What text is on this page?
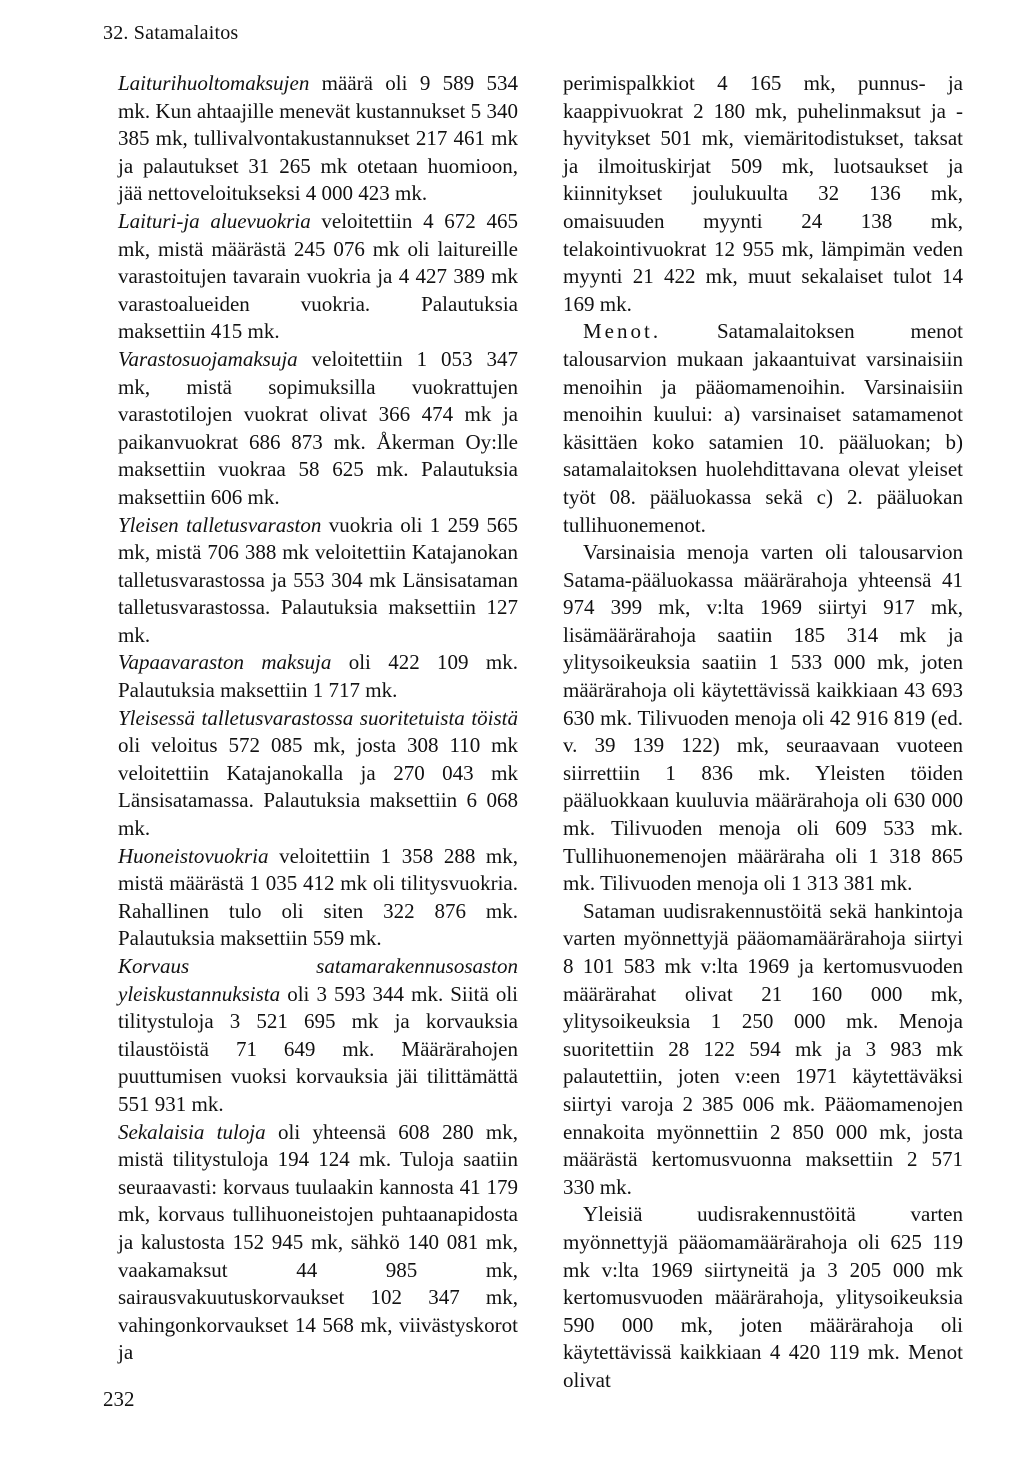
32. Satamalaitos

Laiturihuoltomaksujen määrä oli 9 589 534 mk. Kun ahtaajille menevät kustannukset 5 340 385 mk, tullivalvontakustannukset 217 461 mk ja palautukset 31 265 mk otetaan huomioon, jää nettoveloitukseksi 4 000 423 mk.

Laituri-ja aluevuokria veloitettiin 4 672 465 mk, mistä määrästä 245 076 mk oli laitureille varastoitujen tavarain vuokria ja 4 427 389 mk varastoalueiden vuokria. Palautuksia maksettiin 415 mk.

Varastosuojamaksuja veloitettiin 1 053 347 mk, mistä sopimuksilla vuokrattujen varastotilojen vuokrat olivat 366 474 mk ja paikanvuokrat 686 873 mk. Åkerman Oy:lle maksettiin vuokraa 58 625 mk. Palautuksia maksettiin 606 mk.

Yleisen talletusvaraston vuokria oli 1 259 565 mk, mistä 706 388 mk veloitettiin Katajanokan talletusvarastossa ja 553 304 mk Länsisataman talletusvarastossa. Palautuksia maksettiin 127 mk.

Vapaavaraston maksuja oli 422 109 mk. Palautuksia maksettiin 1 717 mk.

Yleisessä talletusvarastossa suoritetuista töistä oli veloitus 572 085 mk, josta 308 110 mk veloitettiin Katajanokalla ja 270 043 mk Länsisatamassa. Palautuksia maksettiin 6 068 mk.

Huoneistovuokria veloitettiin 1 358 288 mk, mistä määrästä 1 035 412 mk oli tilitysvuokria. Rahallinen tulo oli siten 322 876 mk. Palautuksia maksettiin 559 mk.

Korvaus satamarakennusosaston yleiskustannuksista oli 3 593 344 mk. Siitä oli tilitystuloja 3 521 695 mk ja korvauksia tilaustöistä 71 649 mk. Määrärahojen puuttumisen vuoksi korvauksia jäi tilittämättä 551 931 mk.

Sekalaisia tuloja oli yhteensä 608 280 mk, mistä tilitystuloja 194 124 mk. Tuloja saatiin seuraavasti: korvaus tuulaakin kannosta 41 179 mk, korvaus tullihuoneistojen puhtaanapidosta ja kalustosta 152 945 mk, sähkö 140 081 mk, vaakamaksut 44 985 mk, sairausvakuutuskorvaukset 102 347 mk, vahingonkorvaukset 14 568 mk, viivästyskorot ja

perimispalkkiot 4 165 mk, punnus- ja kaappivuokrat 2 180 mk, puhelinmaksut ja -hyvitykset 501 mk, viemäritodistukset, taksat ja ilmoituskirjat 509 mk, luotsaukset ja kiinnitykset joulukuulta 32 136 mk, omaisuuden myynti 24 138 mk, telakointivuokrat 12 955 mk, lämpimän veden myynti 21 422 mk, muut sekalaiset tulot 14 169 mk.

Menot. Satamalaitoksen menot talousarvion mukaan jakaantuivat varsinaisiin menoihin ja pääomamenoihin. Varsinaisiin menoihin kuului: a) varsinaiset satamamenot käsittäen koko satamien 10. pääluokan; b) satamalaitoksen huolehdittavana olevat yleiset työt 08. pääluokassa sekä c) 2. pääluokan tullihuonemenot.

Varsinaisia menoja varten oli talousarvion Satama-pääluokassa määrärahoja yhteensä 41 974 399 mk, v:lta 1969 siirtyi 917 mk, lisämäärärahoja saatiin 185 314 mk ja ylitysoikeuksia saatiin 1 533 000 mk, joten määrärahoja oli käytettävissä kaikkiaan 43 693 630 mk. Tilivuoden menoja oli 42 916 819 (ed. v. 39 139 122) mk, seuraavaan vuoteen siirrettiin 1 836 mk. Yleisten töiden pääluokkaan kuuluvia määrärahoja oli 630 000 mk. Tilivuoden menoja oli 609 533 mk. Tullihuonemenojen määräraha oli 1 318 865 mk. Tilivuoden menoja oli 1 313 381 mk.

Sataman uudisrakennustöitä sekä hankintoja varten myönnettyjä pääomamäärärahoja siirtyi 8 101 583 mk v:lta 1969 ja kertomusvuoden määrärahat olivat 21 160 000 mk, ylitysoikeuksia 1 250 000 mk. Menoja suoritettiin 28 122 594 mk ja 3 983 mk palautettiin, joten v:een 1971 käytettäväksi siirtyi varoja 2 385 006 mk. Pääomamenojen ennakoita myönnettiin 2 850 000 mk, josta määrästä kertomusvuonna maksettiin 2 571 330 mk.

Yleisiä uudisrakennustöitä varten myönnettyjä pääomamäärärahoja oli 625 119 mk v:lta 1969 siirtyneitä ja 3 205 000 mk kertomusvuoden määrärahoja, ylitysoikeuksia 590 000 mk, joten määrärahoja oli käytettävissä kaikkiaan 4 420 119 mk. Menot olivat

232
